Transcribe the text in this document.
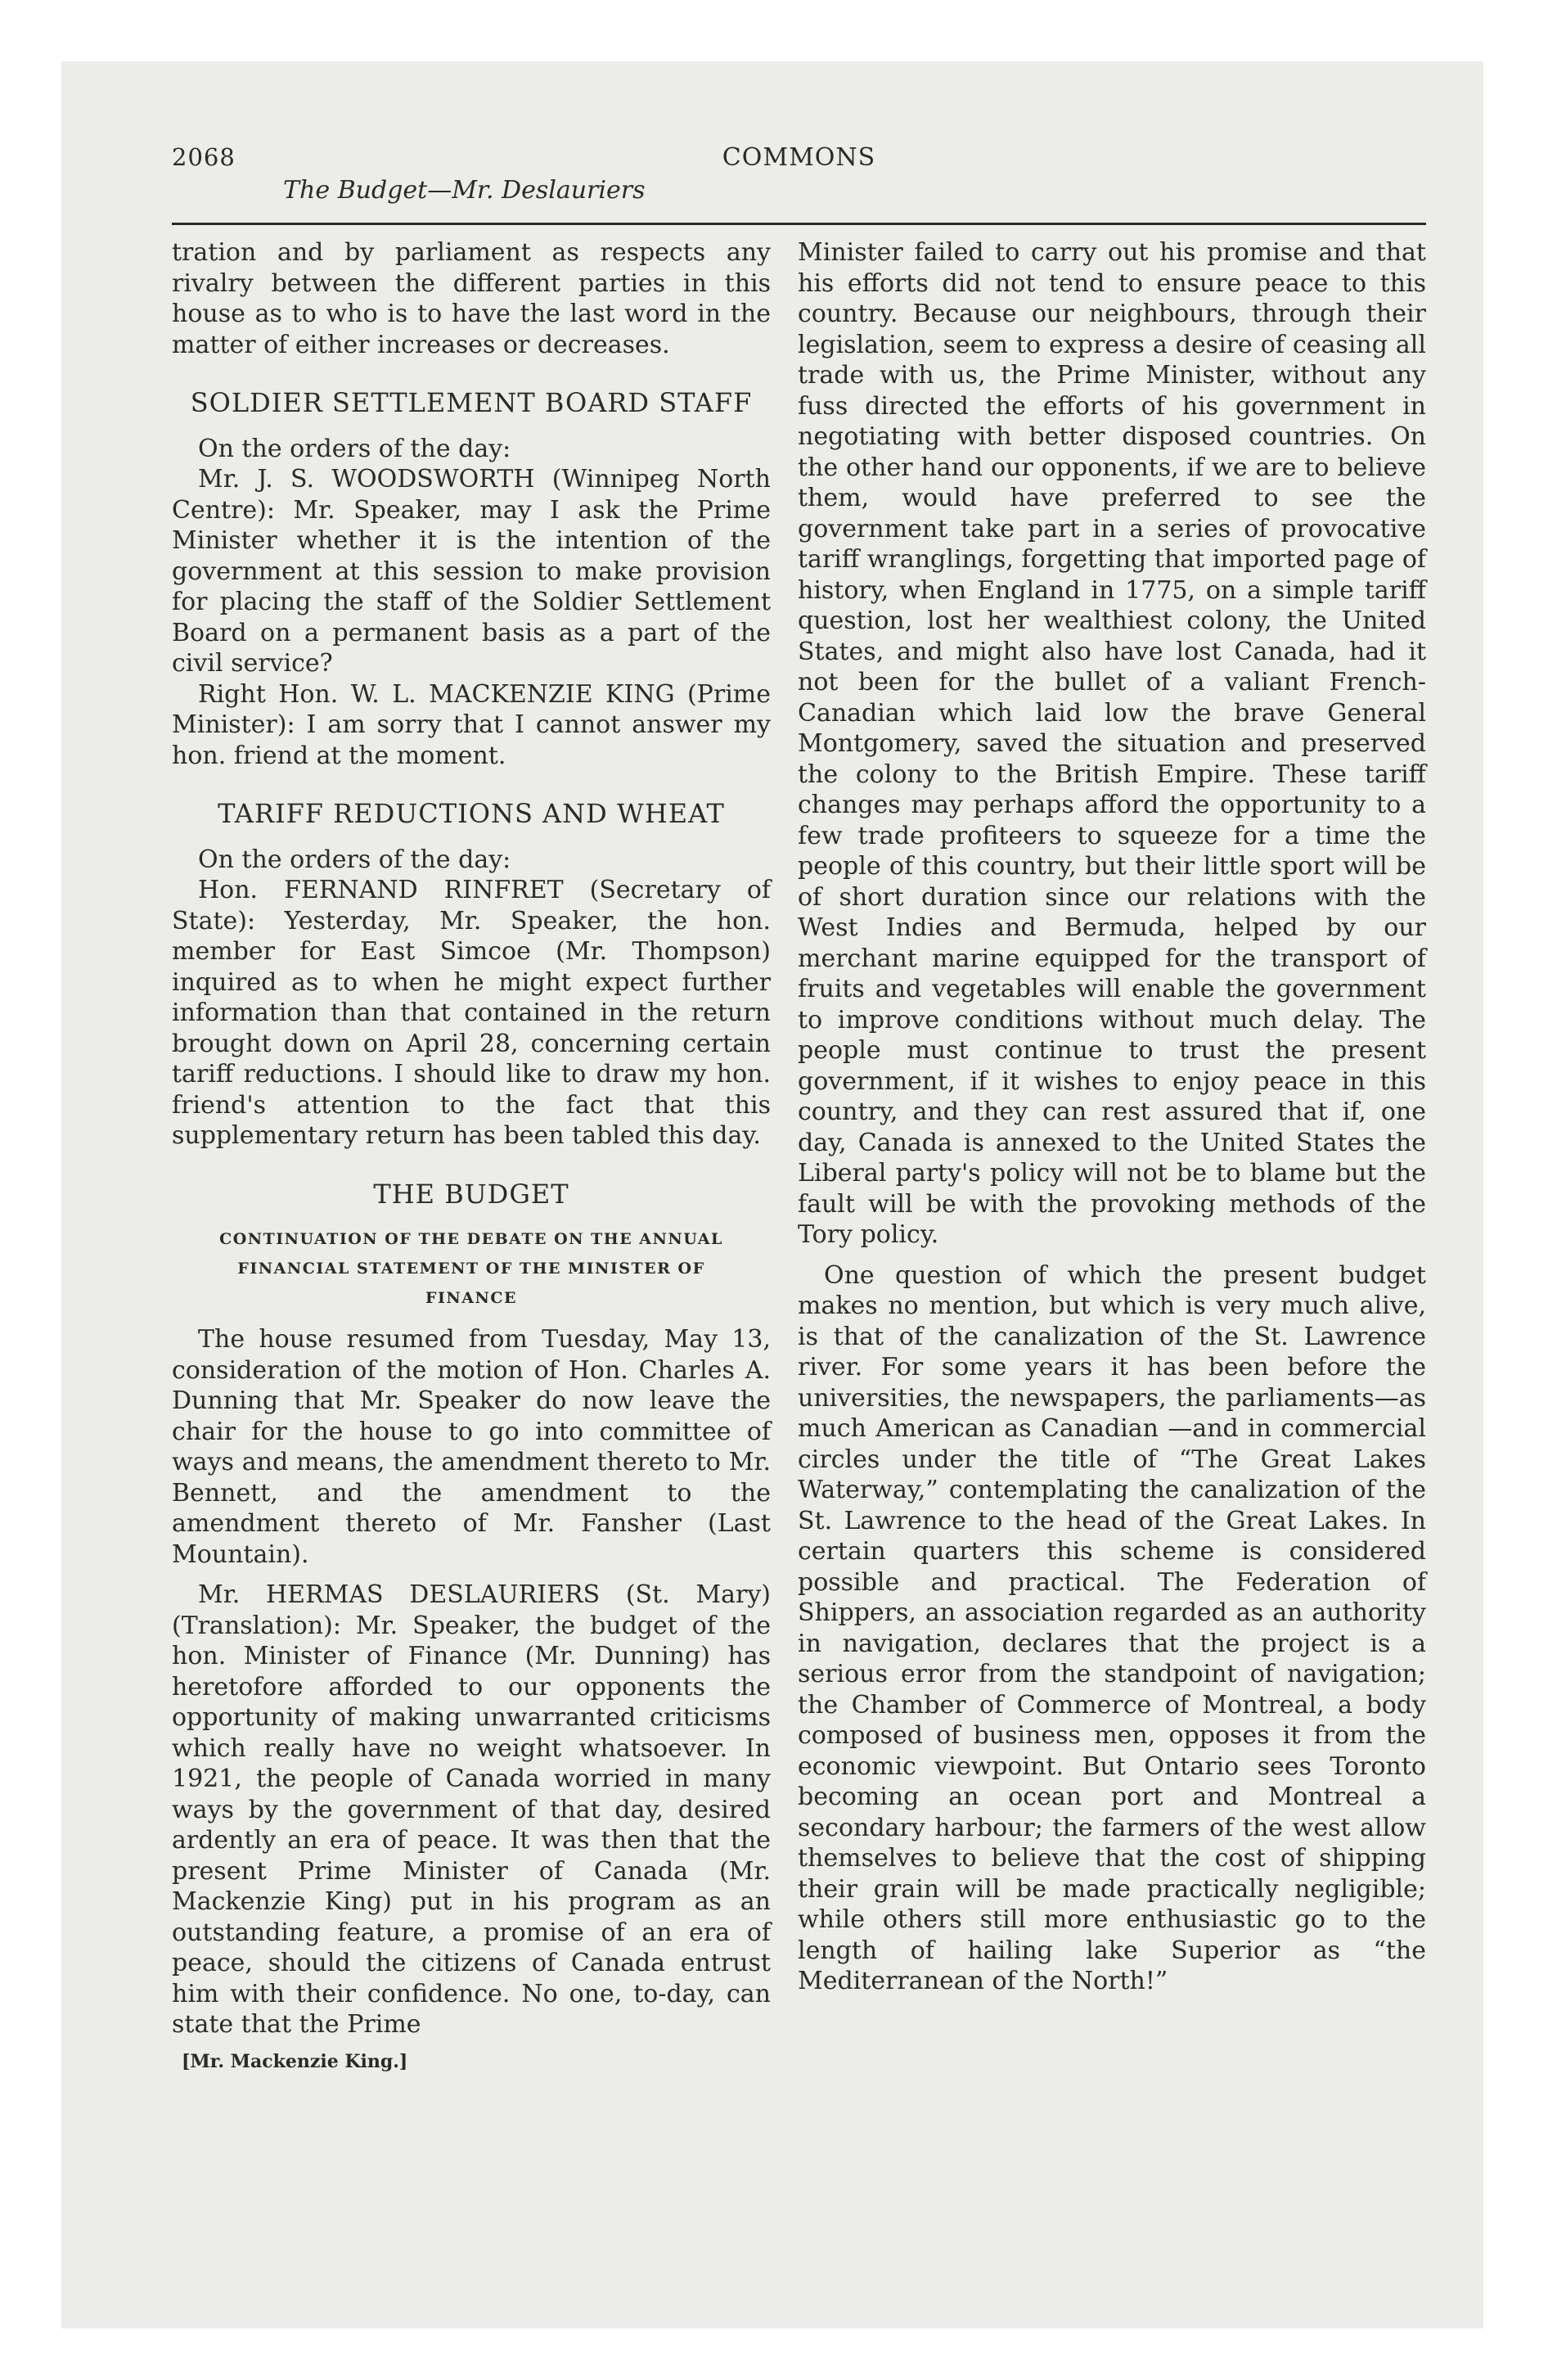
2068
The Budget—Mr. Deslauriers
COMMONS

tration and by parliament as respects any rivalry between the different parties in this house as to who is to have the last word in the matter of either increases or decreases.

SOLDIER SETTLEMENT BOARD STAFF

On the orders of the day:

Mr. J. S. WOODSWORTH (Winnipeg North Centre): Mr. Speaker, may I ask the Prime Minister whether it is the intention of the government at this session to make provision for placing the staff of the Soldier Settlement Board on a permanent basis as a part of the civil service?

Right Hon. W. L. MACKENZIE KING (Prime Minister): I am sorry that I cannot answer my hon. friend at the moment.

TARIFF REDUCTIONS AND WHEAT

On the orders of the day:

Hon. FERNAND RINFRET (Secretary of State): Yesterday, Mr. Speaker, the hon. member for East Simcoe (Mr. Thompson) inquired as to when he might expect further information than that contained in the return brought down on April 28, concerning certain tariff reductions. I should like to draw my hon. friend's attention to the fact that this supplementary return has been tabled this day.

THE BUDGET
CONTINUATION OF THE DEBATE ON THE ANNUAL
FINANCIAL STATEMENT OF THE MINISTER OF
FINANCE

The house resumed from Tuesday, May 13, consideration of the motion of Hon. Charles A. Dunning that Mr. Speaker do now leave the chair for the house to go into committee of ways and means, the amendment thereto to Mr. Bennett, and the amendment to the amendment thereto of Mr. Fansher (Last Mountain).

Mr. HERMAS DESLAURIERS (St. Mary) (Translation): Mr. Speaker, the budget of the hon. Minister of Finance (Mr. Dunning) has heretofore afforded to our opponents the opportunity of making unwarranted criticisms which really have no weight whatsoever. In 1921, the people of Canada worried in many ways by the government of that day, desired ardently an era of peace. It was then that the present Prime Minister of Canada (Mr. Mackenzie King) put in his program as an outstanding feature, a promise of an era of peace, should the citizens of Canada entrust him with their confidence. No one, to-day, can state that the Prime

[Mr. Mackenzie King.]

Minister failed to carry out his promise and that his efforts did not tend to ensure peace to this country. Because our neighbours, through their legislation, seem to express a desire of ceasing all trade with us, the Prime Minister, without any fuss directed the efforts of his government in negotiating with better disposed countries. On the other hand our opponents, if we are to believe them, would have preferred to see the government take part in a series of provocative tariff wranglings, forgetting that imported page of history, when England in 1775, on a simple tariff question, lost her wealthiest colony, the United States, and might also have lost Canada, had it not been for the bullet of a valiant French-Canadian which laid low the brave General Montgomery, saved the situation and preserved the colony to the British Empire. These tariff changes may perhaps afford the opportunity to a few trade profiteers to squeeze for a time the people of this country, but their little sport will be of short duration since our relations with the West Indies and Bermuda, helped by our merchant marine equipped for the transport of fruits and vegetables will enable the government to improve conditions without much delay. The people must continue to trust the present government, if it wishes to enjoy peace in this country, and they can rest assured that if, one day, Canada is annexed to the United States the Liberal party's policy will not be to blame but the fault will be with the provoking methods of the Tory policy.

One question of which the present budget makes no mention, but which is very much alive, is that of the canalization of the St. Lawrence river. For some years it has been before the universities, the newspapers, the parliaments—as much American as Canadian —and in commercial circles under the title of “The Great Lakes Waterway,” contemplating the canalization of the St. Lawrence to the head of the Great Lakes. In certain quarters this scheme is considered possible and practical. The Federation of Shippers, an association regarded as an authority in navigation, declares that the project is a serious error from the standpoint of navigation; the Chamber of Commerce of Montreal, a body composed of business men, opposes it from the economic viewpoint. But Ontario sees Toronto becoming an ocean port and Montreal a secondary harbour; the farmers of the west allow themselves to believe that the cost of shipping their grain will be made practically negligible; while others still more enthusiastic go to the length of hailing lake Superior as “the Mediterranean of the North!”
